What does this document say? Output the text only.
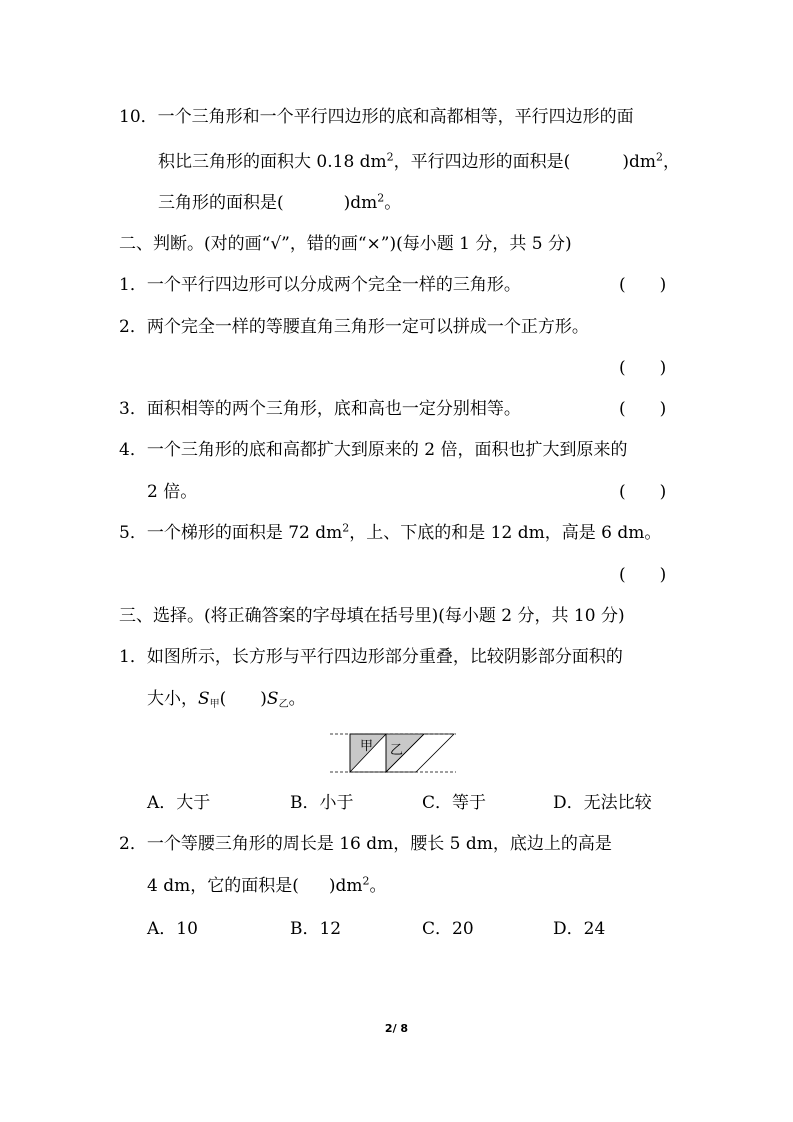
10．一个三角形和一个平行四边形的底和高都相等，平行四边形的面
积比三角形的面积大 0.18 $dm^2$，平行四边形的面积是(	)$dm^2$，
三角形的面积是(	)$dm^2$。
二、判断。(对的画“√”，错的画“×”)(每小题 1 分，共 5 分)
1．一个平行四边形可以分成两个完全一样的三角形。	(　　)
2．两个完全一样的等腰直角三角形一定可以拼成一个正方形。
(　　)
3．面积相等的两个三角形，底和高也一定分别相等。	(　　)
4．一个三角形的底和高都扩大到原来的 2 倍，面积也扩大到原来的
2 倍。	(　　)
5．一个梯形的面积是 72 $dm^2$，上、下底的和是 12 dm，高是 6 dm。
(　　)
三、选择。(将正确答案的字母填在括号里)(每小题 2 分，共 10 分)
1．如图所示，长方形与平行四边形部分重叠，比较阴影部分面积的
大小，S甲(　　)S乙。
甲 乙
A．大于	B．小于	C．等于	D．无法比较
2．一个等腰三角形的周长是 16 dm，腰长 5 dm，底边上的高是
4 dm，它的面积是( )$dm^2$。
A．10	B．12	C．20	D．24
2/ 8
